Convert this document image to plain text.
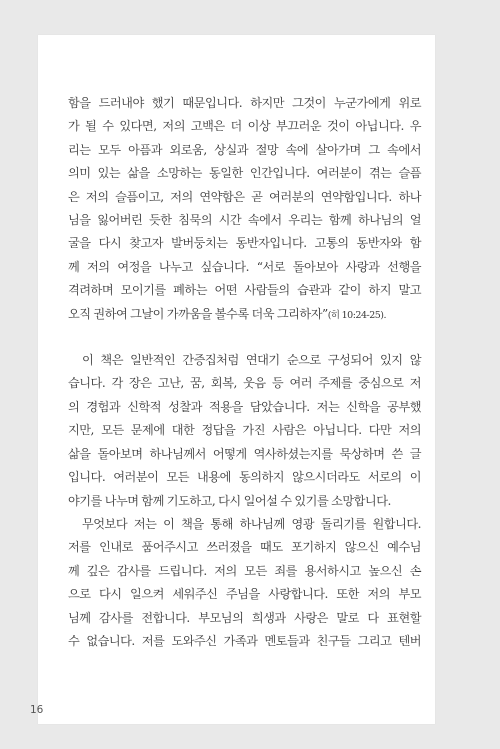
함을 드러내야 했기 때문입니다. 하지만 그것이 누군가에게 위로
가 될 수 있다면, 저의 고백은 더 이상 부끄러운 것이 아닙니다. 우
리는 모두 아픔과 외로움, 상실과 절망 속에 살아가며 그 속에서
의미 있는 삶을 소망하는 동일한 인간입니다. 여러분이 겪는 슬픔
은 저의 슬픔이고, 저의 연약함은 곧 여러분의 연약함입니다. 하나
님을 잃어버린 듯한 침묵의 시간 속에서 우리는 함께 하나님의 얼
굴을 다시 찾고자 발버둥치는 동반자입니다. 고통의 동반자와 함
께 저의 여정을 나누고 싶습니다. “서로 돌아보아 사랑과 선행을
격려하며 모이기를 폐하는 어떤 사람들의 습관과 같이 하지 말고
오직 권하여 그날이 가까움을 볼수록 더욱 그리하자”(히 10:24-25).
이 책은 일반적인 간증집처럼 연대기 순으로 구성되어 있지 않
습니다. 각 장은 고난, 꿈, 회복, 웃음 등 여러 주제를 중심으로 저
의 경험과 신학적 성찰과 적용을 담았습니다. 저는 신학을 공부했
지만, 모든 문제에 대한 정답을 가진 사람은 아닙니다. 다만 저의
삶을 돌아보며 하나님께서 어떻게 역사하셨는지를 묵상하며 쓴 글
입니다. 여러분이 모든 내용에 동의하지 않으시더라도 서로의 이
야기를 나누며 함께 기도하고, 다시 일어설 수 있기를 소망합니다.
무엇보다 저는 이 책을 통해 하나님께 영광 돌리기를 원합니다.
저를 인내로 품어주시고 쓰러졌을 때도 포기하지 않으신 예수님
께 깊은 감사를 드립니다. 저의 모든 죄를 용서하시고 높으신 손
으로 다시 일으켜 세워주신 주님을 사랑합니다. 또한 저의 부모
님께 감사를 전합니다. 부모님의 희생과 사랑은 말로 다 표현할
수 없습니다. 저를 도와주신 가족과 멘토들과 친구들 그리고 텐버
16
